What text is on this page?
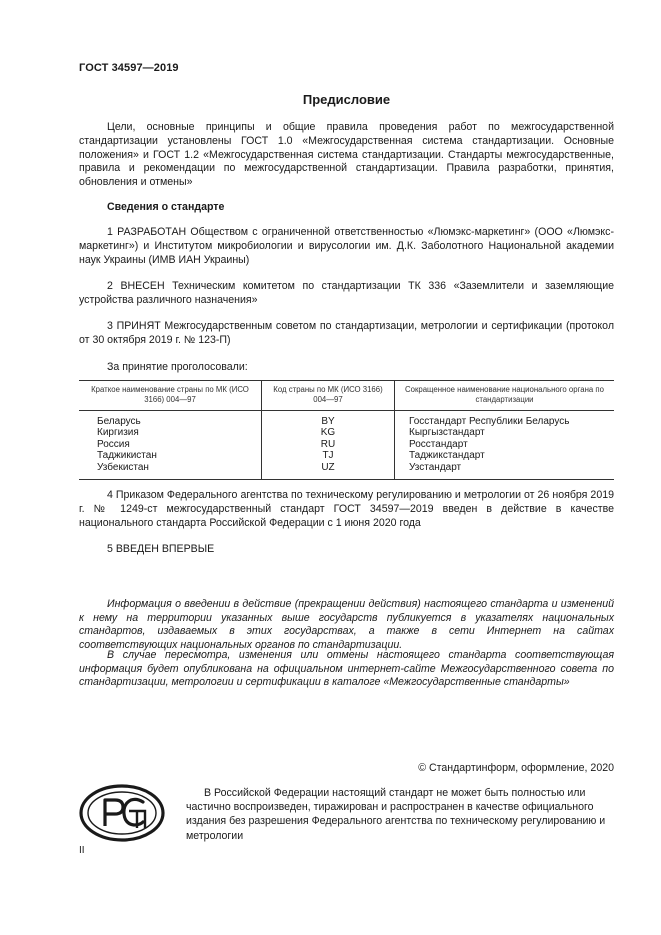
ГОСТ 34597—2019
Предисловие
Цели, основные принципы и общие правила проведения работ по межгосударственной стандартизации установлены ГОСТ 1.0 «Межгосударственная система стандартизации. Основные положения» и ГОСТ 1.2 «Межгосударственная система стандартизации. Стандарты межгосударственные, правила и рекомендации по межгосударственной стандартизации. Правила разработки, принятия, обновления и отмены»
Сведения о стандарте
1 РАЗРАБОТАН Обществом с ограниченной ответственностью «Люмэкс-маркетинг» (ООО «Люмэкс-маркетинг») и Институтом микробиологии и вирусологии им. Д.К. Заболотного Национальной академии наук Украины (ИМВ ИАН Украины)
2 ВНЕСЕН Техническим комитетом по стандартизации ТК 336 «Заземлители и заземляющие устройства различного назначения»
3 ПРИНЯТ Межгосударственным советом по стандартизации, метрологии и сертификации (протокол от 30 октября 2019 г. № 123-П)
За принятие проголосовали:
Краткое наименование страны по МК (ИСО 3166) 004—97	Код страны по МК (ИСО 3166) 004—97	Сокращенное наименование национального органа по стандартизации
Беларусь	BY	Госстандарт Республики Беларусь
Киргизия	KG	Кыргызстандарт
Россия	RU	Росстандарт
Таджикистан	TJ	Таджикстандарт
Узбекистан	UZ	Узстандарт
4 Приказом Федерального агентства по техническому регулированию и метрологии от 26 ноября 2019 г. № 1249-ст межгосударственный стандарт ГОСТ 34597—2019 введен в действие в качестве национального стандарта Российской Федерации с 1 июня 2020 года
5 ВВЕДЕН ВПЕРВЫЕ
Информация о введении в действие (прекращении действия) настоящего стандарта и изменений к нему на территории указанных выше государств публикуется в указателях национальных стандартов, издаваемых в этих государствах, а также в сети Интернет на сайтах соответствующих национальных органов по стандартизации.
В случае пересмотра, изменения или отмены настоящего стандарта соответствующая информация будет опубликована на официальном интернет-сайте Межгосударственного совета по стандартизации, метрологии и сертификации в каталоге «Межгосударственные стандарты»
© Стандартинформ, оформление, 2020
В Российской Федерации настоящий стандарт не может быть полностью или частично воспроизведен, тиражирован и распространен в качестве официального издания без разрешения Федерального агентства по техническому регулированию и метрологии
II
